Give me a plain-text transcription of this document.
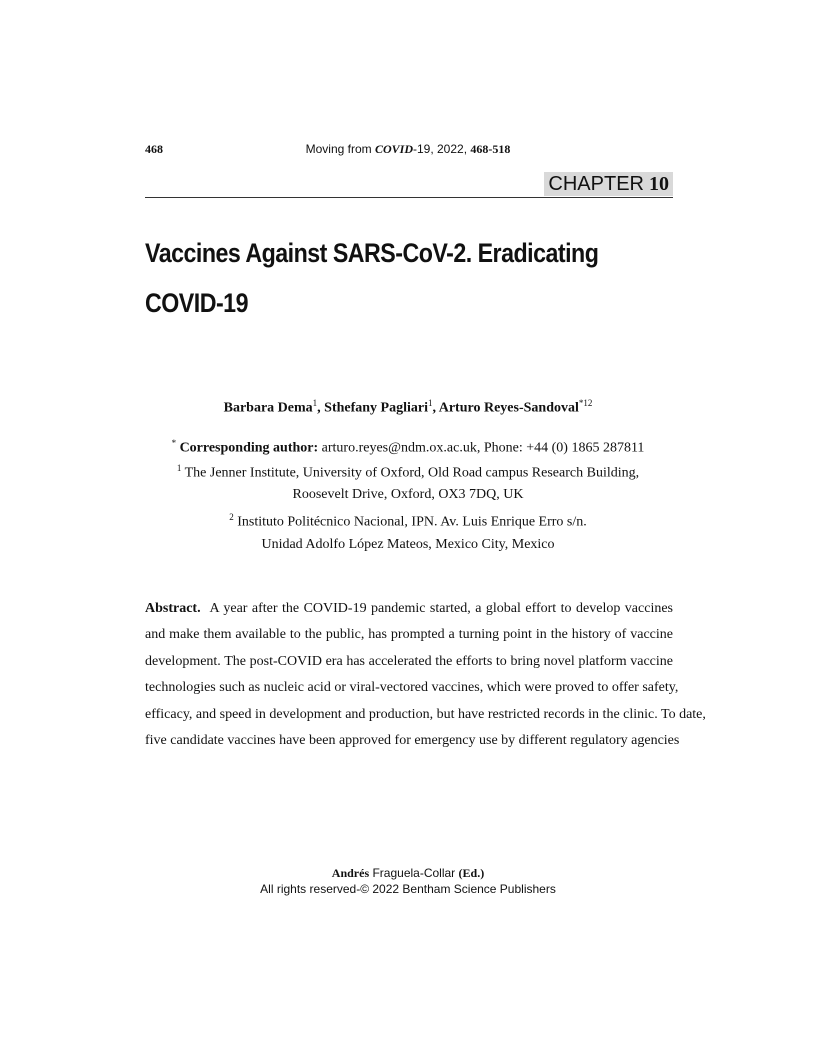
468	Moving from COVID-19, 2022, 468-518
CHAPTER 10
Vaccines Against SARS-CoV-2. Eradicating
COVID-19
Barbara Dema$^1$, Sthefany Pagliari$^1$, Arturo Reyes-Sandoval$^{*12}$
* Corresponding author: arturo.reyes@ndm.ox.ac.uk, Phone: +44 (0) 1865 287811
$^1$ The Jenner Institute, University of Oxford, Old Road campus Research Building,
Roosevelt Drive, Oxford, OX3 7DQ, UK
$^2$ Instituto Politécnico Nacional, IPN. Av. Luis Enrique Erro s/n.
Unidad Adolfo López Mateos, Mexico City, Mexico
Abstract. A year after the COVID-19 pandemic started, a global effort to develop vaccines
and make them available to the public, has prompted a turning point in the history of vaccine
development. The post-COVID era has accelerated the efforts to bring novel platform vaccine
technologies such as nucleic acid or viral-vectored vaccines, which were proved to offer safety,
efficacy, and speed in development and production, but have restricted records in the clinic. To date,
five candidate vaccines have been approved for emergency use by different regulatory agencies
Andrés Fraguela-Collar (Ed.)
All rights reserved-© 2022 Bentham Science Publishers
